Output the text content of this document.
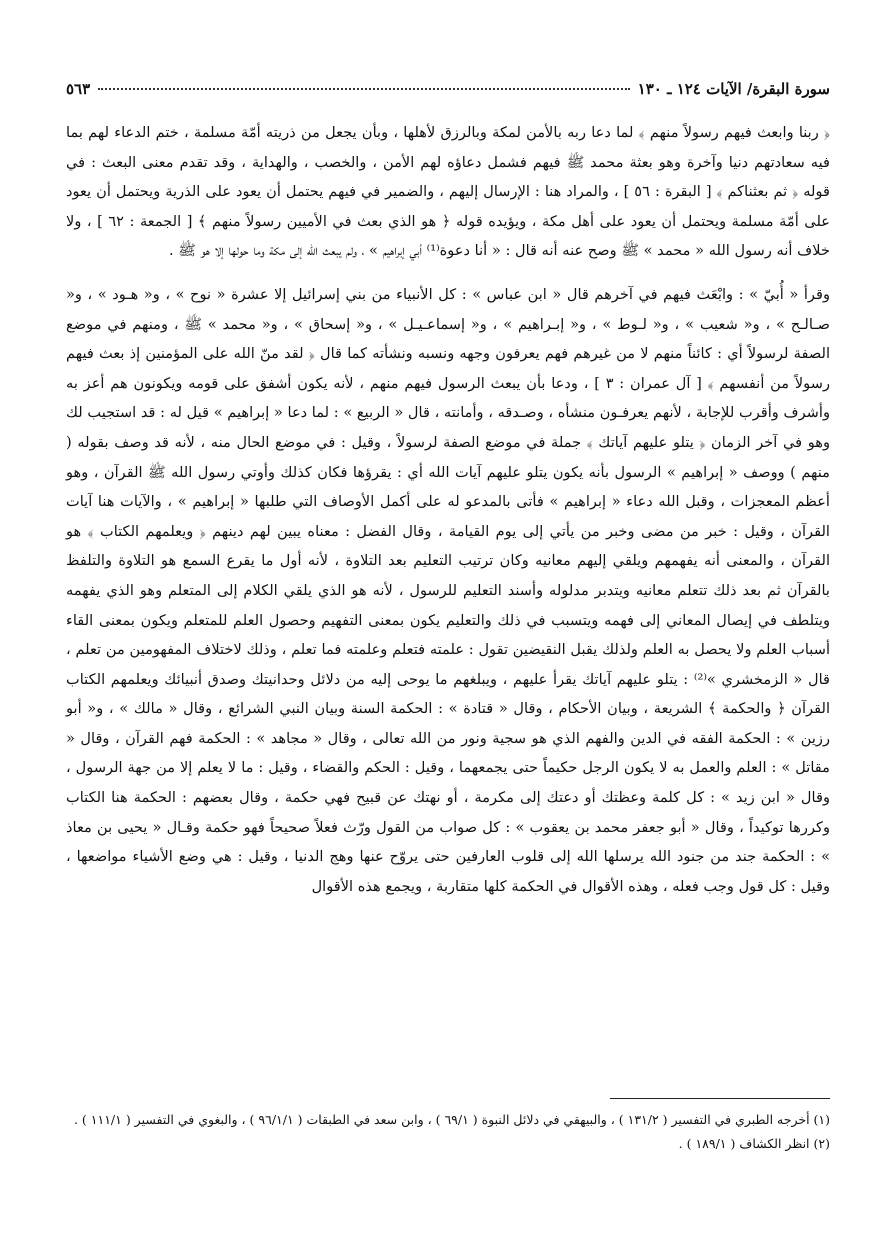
سورة البقرة/ الآيات ١٢٤ ـ ١٣٠
٥٦٣

﴿ ربنا وابعث فيهم رسولاً منهم ﴾ لما دعا ربه بالأمن لمكة وبالرزق لأهلها ، وبأن يجعل من ذريته أمّة مسلمة ، ختم الدعاء لهم بما فيه سعادتهم دنيا وآخرة وهو بعثة محمد ﷺ فيهم فشمل دعاؤه لهم الأمن ، والخصب ، والهداية ، وقد تقدم معنى البعث : في قوله ﴿ ثم بعثناكم ﴾ [ البقرة : ٥٦ ] ، والمراد هنا : الإرسال إليهم ، والضمير في فيهم يحتمل أن يعود على الذرية ويحتمل أن يعود على أمّة مسلمة ويحتمل أن يعود على أهل مكة ، ويؤيده قوله ﴿ هو الذي بعث في الأميين رسولاً منهم ﴾ [ الجمعة : ٦٢ ] ، ولا خلاف أنه رسول الله « محمد » ﷺ وصح عنه أنه قال : « أنا دعوة⁽¹⁾ أبي إبراهيم » ، ولم يبعث الله إلى مكة وما حولها إلا هو ﷺ .

وقرأ « أُبيّ » : وابْعَث فيهم في آخرهم قال « ابن عباس » : كل الأنبياء من بني إسرائيل إلا عشرة « نوح » ، و« هـود » ، و« صـالـح » ، و« شعيب » ، و« لـوط » ، و« إبـراهيم » ، و« إسماعـيـل » ، و« إسحاق » ، و« محمد » ﷺ ، ومنهم في موضع الصفة لرسولاً أي : كائناً منهم لا من غيرهم فهم يعرفون وجهه ونسبه ونشأته كما قال ﴿ لقد منّ الله على المؤمنين إذ بعث فيهم رسولاً من أنفسهم ﴾ [ آل عمران : ٣ ] ، ودعا بأن يبعث الرسول فيهم منهم ، لأنه يكون أشفق على قومه ويكونون هم أعز به وأشرف وأقرب للإجابة ، لأنهم يعرفـون منشأه ، وصـدقه ، وأمانته ، قال « الربيع » : لما دعا « إبراهيم » قيل له : قد استجيب لك وهو في آخر الزمان ﴿ يتلو عليهم آياتك ﴾ جملة في موضع الصفة لرسولاً ، وقيل : في موضع الحال منه ، لأنه قد وصف بقوله ( منهم ) ووصف « إبراهيم » الرسول بأنه يكون يتلو عليهم آيات الله أي : يقرؤها فكان كذلك وأوتي رسول الله ﷺ القرآن ، وهو أعظم المعجزات ، وقبل الله دعاء « إبراهيم » فأتى بالمدعو له على أكمل الأوصاف التي طلبها « إبراهيم » ، والآيات هنا آيات القرآن ، وقيل : خبر من مضى وخبر من يأتي إلى يوم القيامة ، وقال الفضل : معناه يبين لهم دينهم ﴿ ويعلمهم الكتاب ﴾ هو القرآن ، والمعنى أنه يفهمهم ويلقي إليهم معانيه وكان ترتيب التعليم بعد التلاوة ، لأنه أول ما يقرع السمع هو التلاوة والتلفظ بالقرآن ثم بعد ذلك تتعلم معانيه ويتدبر مدلوله وأسند التعليم للرسول ، لأنه هو الذي يلقي الكلام إلى المتعلم وهو الذي يفهمه ويتلطف في إيصال المعاني إلى فهمه ويتسبب في ذلك والتعليم يكون بمعنى التفهيم وحصول العلم للمتعلم ويكون بمعنى القاء أسباب العلم ولا يحصل به العلم ولذلك يقبل النقيضين تقول : علمته فتعلم وعلمته فما تعلم ، وذلك لاختلاف المفهومين من تعلم ، قال « الزمخشري »⁽²⁾ : يتلو عليهم آياتك يقرأ عليهم ، ويبلغهم ما يوحى إليه من دلائل وحدانيتك وصدق أنبيائك ويعلمهم الكتاب القرآن ﴿ والحكمة ﴾ الشريعة ، وبيان الأحكام ، وقال « قتادة » : الحكمة السنة وبيان النبي الشرائع ، وقال « مالك » ، و« أبو رزين » : الحكمة الفقه في الدين والفهم الذي هو سجية ونور من الله تعالى ، وقال « مجاهد » : الحكمة فهم القرآن ، وقال « مقاتل » : العلم والعمل به لا يكون الرجل حكيماً حتى يجمعهما ، وقيل : الحكم والقضاء ، وقيل : ما لا يعلم إلا من جهة الرسول ، وقال « ابن زيد » : كل كلمة وعظتك أو دعتك إلى مكرمة ، أو نهتك عن قبيح فهي حكمة ، وقال بعضهم : الحكمة هنا الكتاب وكررها توكيداً ، وقال « أبو جعفر محمد بن يعقوب » : كل صواب من القول ورّث فعلاً صحيحاً فهو حكمة وقـال « يحيى بن معاذ » : الحكمة جند من جنود الله يرسلها الله إلى قلوب العارفين حتى يروّح عنها وهج الدنيا ، وقيل : هي وضع الأشياء مواضعها ، وقيل : كل قول وجب فعله ، وهذه الأقوال في الحكمة كلها متقاربة ، ويجمع هذه الأقوال

(١) أخرجه الطبري في التفسير ( ١٣١/٢ ) ، والبيهقي في دلائل النبوة ( ٦٩/١ ) ، وابن سعد في الطبقات ( ٩٦/١/١ ) ، والبغوي في التفسير ( ١١١/١ ) .

(٢) انظر الكشاف ( ١٨٩/١ ) .
